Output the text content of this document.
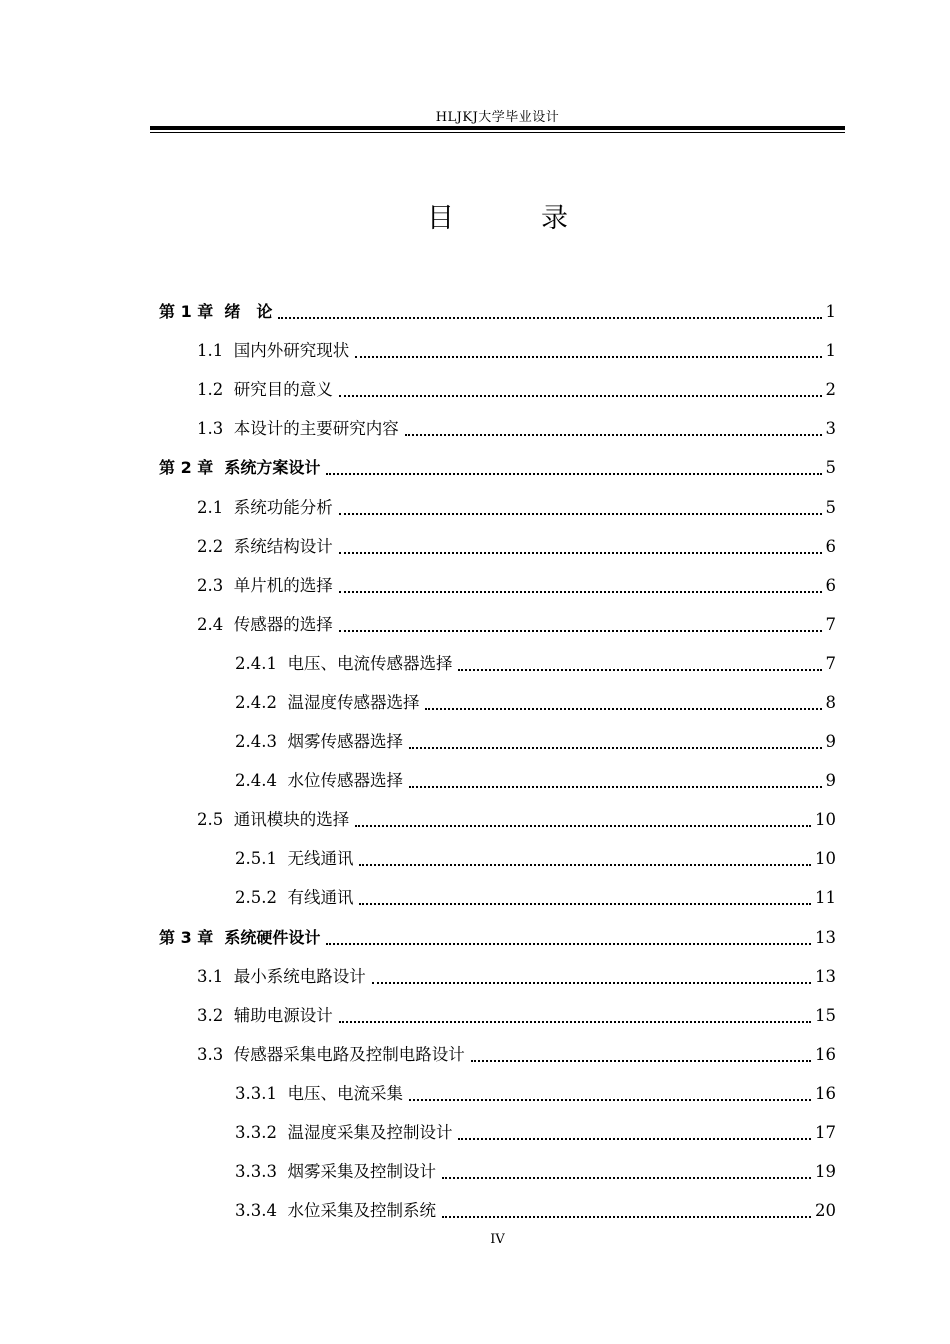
HLJKJ大学毕业设计
目　录
第 1 章 绪　论	1
1.1 国内外研究现状	1
1.2 研究目的意义	2
1.3 本设计的主要研究内容	3
第 2 章 系统方案设计	5
2.1 系统功能分析	5
2.2 系统结构设计	6
2.3 单片机的选择	6
2.4 传感器的选择	7
2.4.1 电压、电流传感器选择	7
2.4.2 温湿度传感器选择	8
2.4.3 烟雾传感器选择	9
2.4.4 水位传感器选择	9
2.5 通讯模块的选择	10
2.5.1 无线通讯	10
2.5.2 有线通讯	11
第 3 章 系统硬件设计	13
3.1 最小系统电路设计	13
3.2 辅助电源设计	15
3.3 传感器采集电路及控制电路设计	16
3.3.1 电压、电流采集	16
3.3.2 温湿度采集及控制设计	17
3.3.3 烟雾采集及控制设计	19
3.3.4 水位采集及控制系统	20
IV
